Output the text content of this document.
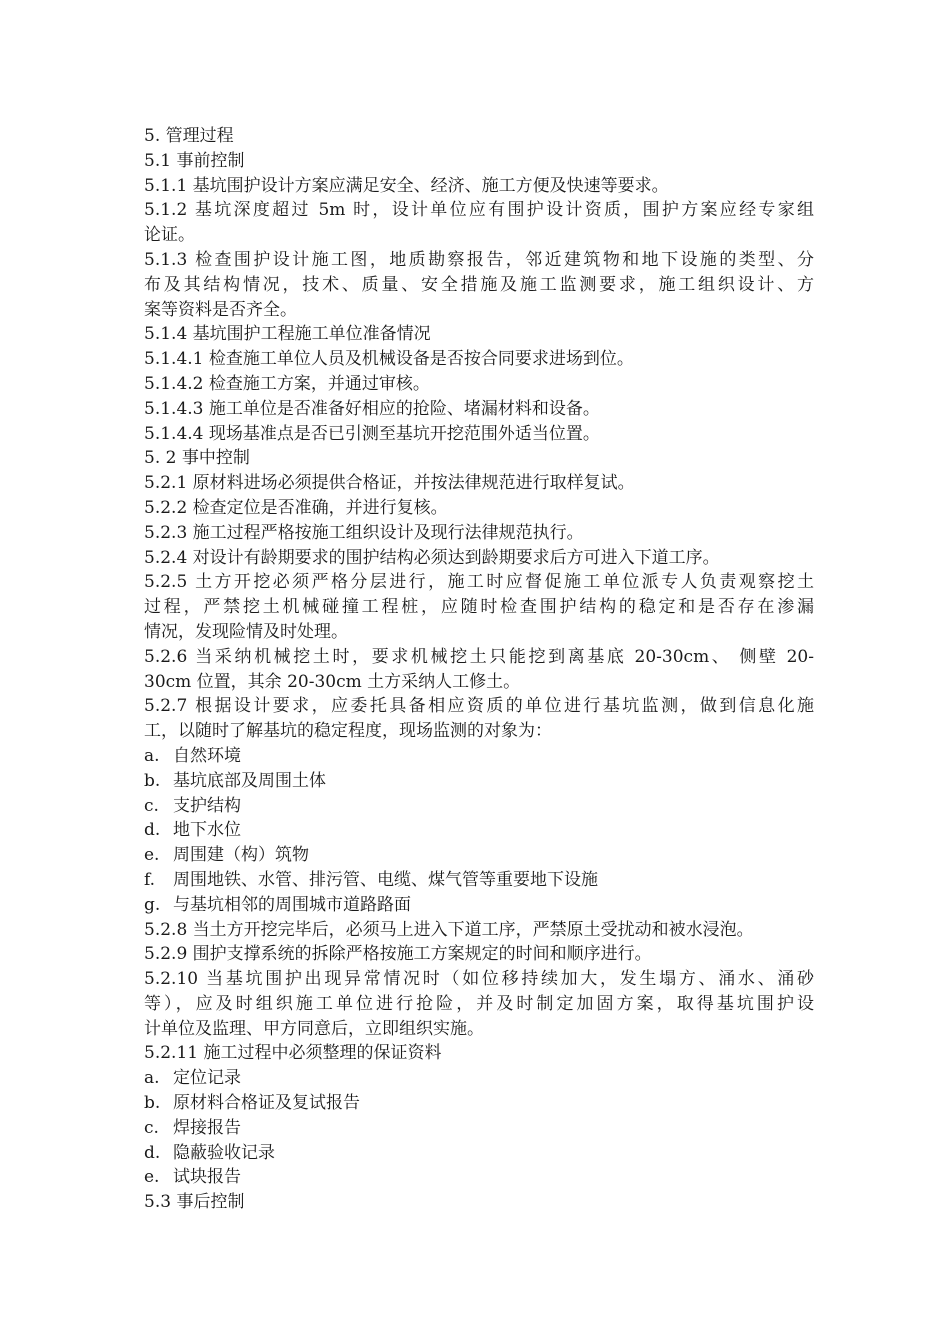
5. 管理过程
5.1 事前控制
5.1.1 基坑围护设计方案应满足安全、经济、施工方便及快速等要求。
5.1.2 基坑深度超过 5m 时，设计单位应有围护设计资质，围护方案应经专家组
论证。
5.1.3 检查围护设计施工图，地质勘察报告，邻近建筑物和地下设施的类型、分
布及其结构情况，技术、质量、安全措施及施工监测要求，施工组织设计、方
案等资料是否齐全。
5.1.4 基坑围护工程施工单位准备情况
5.1.4.1 检查施工单位人员及机械设备是否按合同要求进场到位。
5.1.4.2 检查施工方案，并通过审核。
5.1.4.3 施工单位是否准备好相应的抢险、堵漏材料和设备。
5.1.4.4 现场基准点是否已引测至基坑开挖范围外适当位置。
5. 2 事中控制
5.2.1 原材料进场必须提供合格证，并按法律规范进行取样复试。
5.2.2 检查定位是否准确，并进行复核。
5.2.3 施工过程严格按施工组织设计及现行法律规范执行。
5.2.4 对设计有龄期要求的围护结构必须达到龄期要求后方可进入下道工序。
5.2.5 土方开挖必须严格分层进行，施工时应督促施工单位派专人负责观察挖土
过程，严禁挖土机械碰撞工程桩，应随时检查围护结构的稳定和是否存在渗漏
情况，发现险情及时处理。
5.2.6 当采纳机械挖土时，要求机械挖土只能挖到离基底 20-30cm、 侧壁 20-
30cm 位置，其余 20-30cm 土方采纳人工修土。
5.2.7 根据设计要求，应委托具备相应资质的单位进行基坑监测，做到信息化施
工，以随时了解基坑的稳定程度，现场监测的对象为：
a. 自然环境
b. 基坑底部及周围土体
c. 支护结构
d. 地下水位
e. 周围建（构）筑物
f.	周围地铁、水管、排污管、电缆、煤气管等重要地下设施
g. 与基坑相邻的周围城市道路路面
5.2.8 当土方开挖完毕后，必须马上进入下道工序，严禁原土受扰动和被水浸泡。
5.2.9 围护支撑系统的拆除严格按施工方案规定的时间和顺序进行。
5.2.10 当基坑围护出现异常情况时（如位移持续加大，发生塌方、涌水、涌砂
等），应及时组织施工单位进行抢险，并及时制定加固方案，取得基坑围护设
计单位及监理、甲方同意后，立即组织实施。
5.2.11 施工过程中必须整理的保证资料
a. 定位记录
b. 原材料合格证及复试报告
c. 焊接报告
d. 隐蔽验收记录
e. 试块报告
5.3 事后控制
